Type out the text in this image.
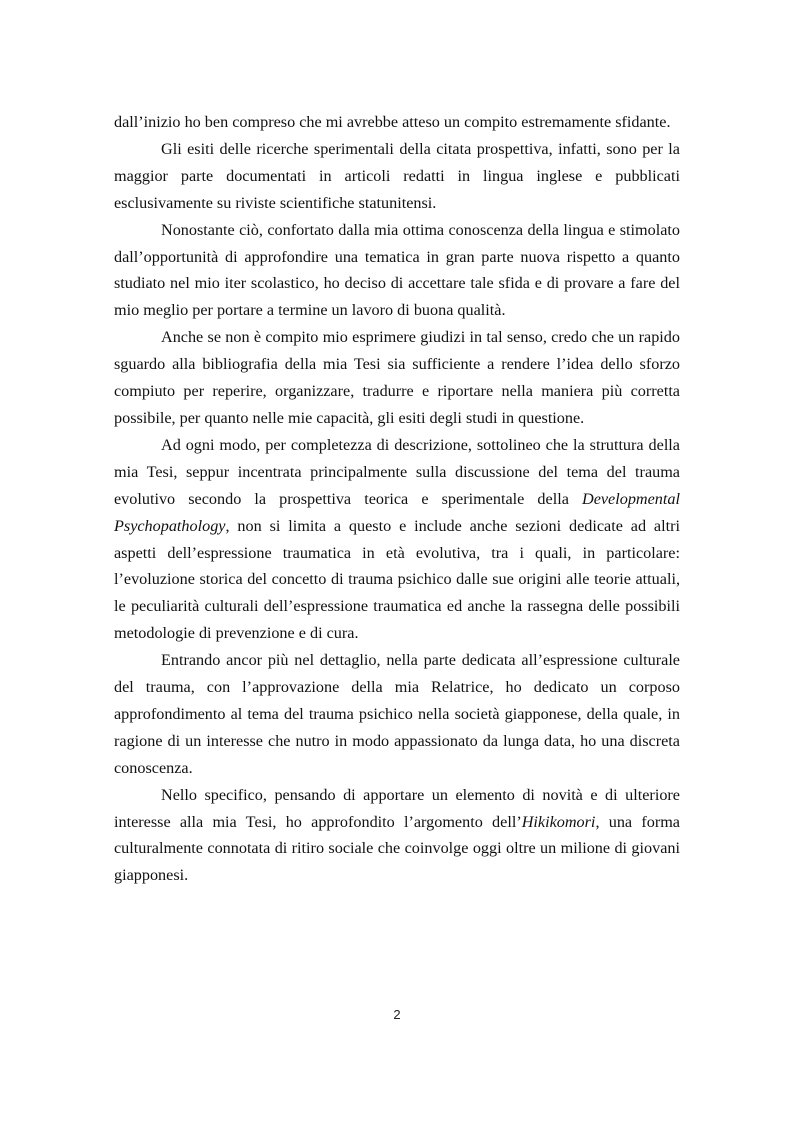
dall’inizio ho ben compreso che mi avrebbe atteso un compito estremamente sfidante.

Gli esiti delle ricerche sperimentali della citata prospettiva, infatti, sono per la maggior parte documentati in articoli redatti in lingua inglese e pubblicati esclusivamente su riviste scientifiche statunitensi.

Nonostante ciò, confortato dalla mia ottima conoscenza della lingua e stimolato dall’opportunità di approfondire una tematica in gran parte nuova rispetto a quanto studiato nel mio iter scolastico, ho deciso di accettare tale sfida e di provare a fare del mio meglio per portare a termine un lavoro di buona qualità.

Anche se non è compito mio esprimere giudizi in tal senso, credo che un rapido sguardo alla bibliografia della mia Tesi sia sufficiente a rendere l’idea dello sforzo compiuto per reperire, organizzare, tradurre e riportare nella maniera più corretta possibile, per quanto nelle mie capacità, gli esiti degli studi in questione.

Ad ogni modo, per completezza di descrizione, sottolineo che la struttura della mia Tesi, seppur incentrata principalmente sulla discussione del tema del trauma evolutivo secondo la prospettiva teorica e sperimentale della Developmental Psychopathology, non si limita a questo e include anche sezioni dedicate ad altri aspetti dell’espressione traumatica in età evolutiva, tra i quali, in particolare: l’evoluzione storica del concetto di trauma psichico dalle sue origini alle teorie attuali, le peculiarità culturali dell’espressione traumatica ed anche la rassegna delle possibili metodologie di prevenzione e di cura.

Entrando ancor più nel dettaglio, nella parte dedicata all’espressione culturale del trauma, con l’approvazione della mia Relatrice, ho dedicato un corposo approfondimento al tema del trauma psichico nella società giapponese, della quale, in ragione di un interesse che nutro in modo appassionato da lunga data, ho una discreta conoscenza.

Nello specifico, pensando di apportare un elemento di novità e di ulteriore interesse alla mia Tesi, ho approfondito l’argomento dell’Hikikomori, una forma culturalmente connotata di ritiro sociale che coinvolge oggi oltre un milione di giovani giapponesi.

2
